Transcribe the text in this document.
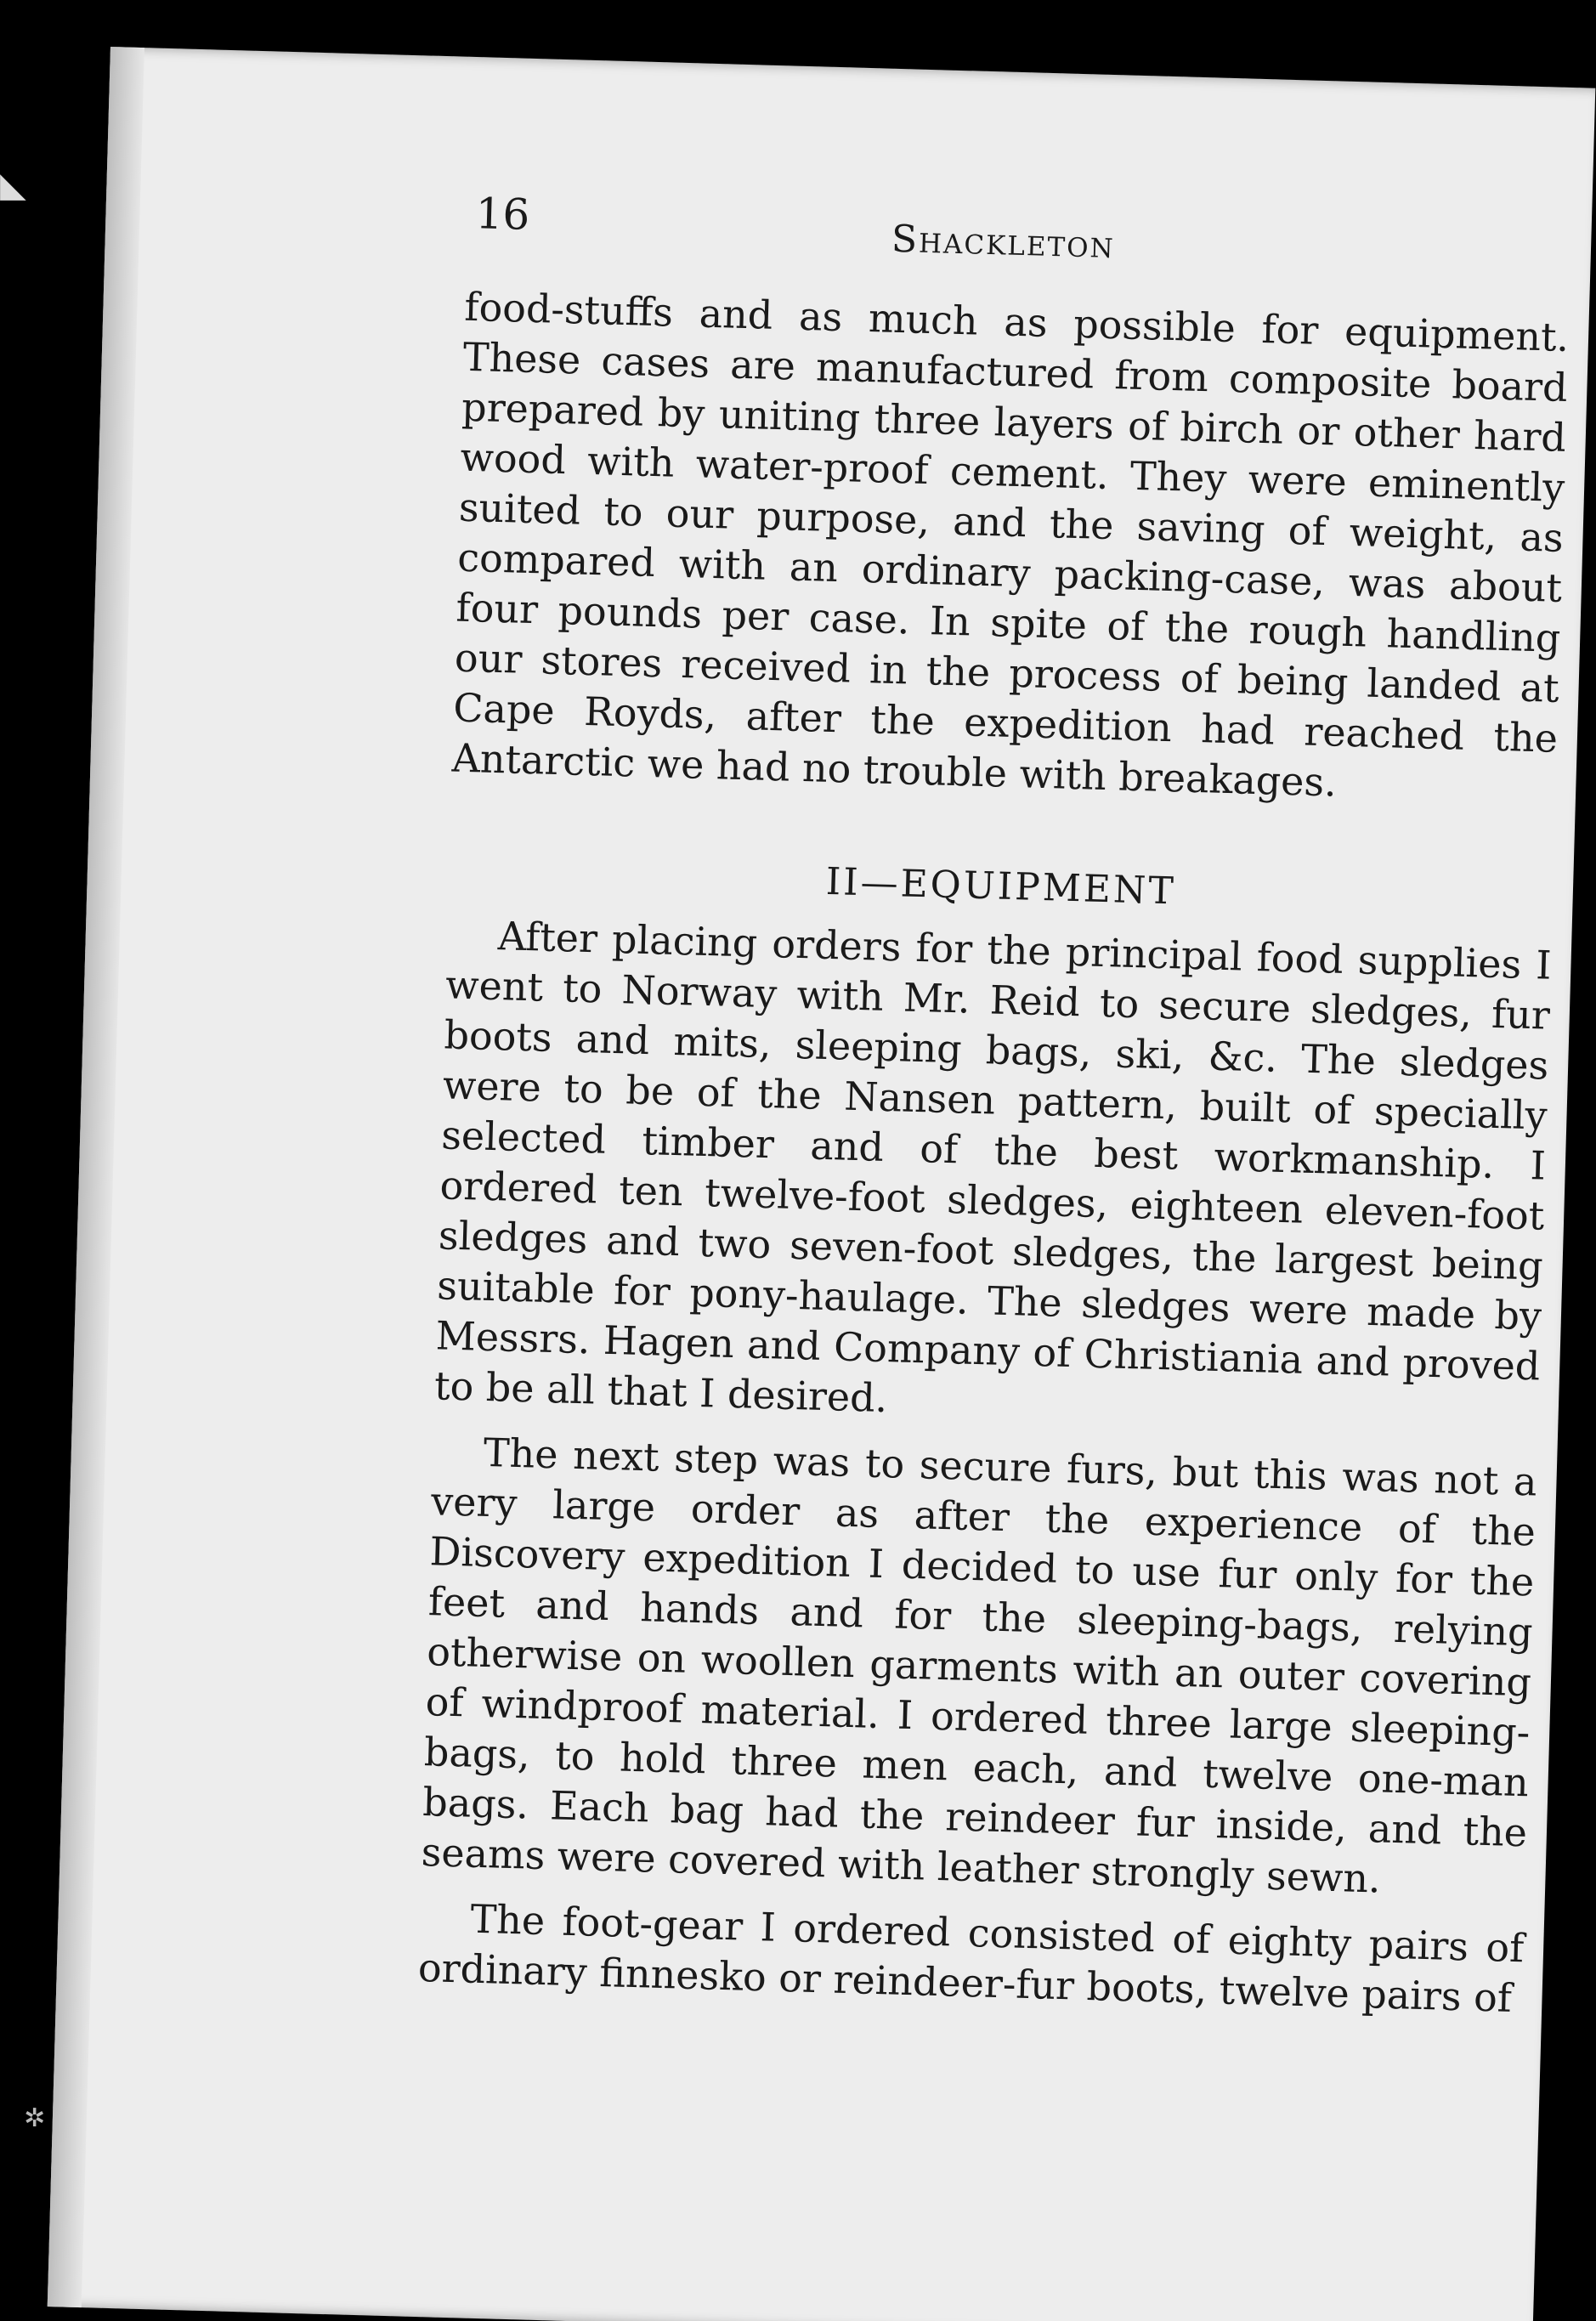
◣
✲
16
Shackleton

food-stuffs and as much as possible for equipment. These cases are manufactured from composite board prepared by uniting three layers of birch or other hard wood with water-proof cement. They were eminently suited to our purpose, and the saving of weight, as compared with an ordinary packing-case, was about four pounds per case. In spite of the rough handling our stores received in the process of being landed at Cape Royds, after the expedition had reached the Antarctic we had no trouble with breakages.

II—EQUIPMENT

After placing orders for the principal food supplies I went to Norway with Mr. Reid to secure sledges, fur boots and mits, sleeping bags, ski, &c. The sledges were to be of the Nansen pattern, built of specially selected timber and of the best workmanship. I ordered ten twelve-foot sledges, eighteen eleven-foot sledges and two seven-foot sledges, the largest being suitable for pony-haulage. The sledges were made by Messrs. Hagen and Company of Christiania and proved to be all that I desired.

The next step was to secure furs, but this was not a very large order as after the experience of the Discovery expedition I decided to use fur only for the feet and hands and for the sleeping-bags, relying otherwise on woollen garments with an outer covering of windproof material. I ordered three large sleeping-bags, to hold three men each, and twelve one-man bags. Each bag had the reindeer fur inside, and the seams were covered with leather strongly sewn.

The foot-gear I ordered consisted of eighty pairs of ordinary finnesko or reindeer-fur boots, twelve pairs of
